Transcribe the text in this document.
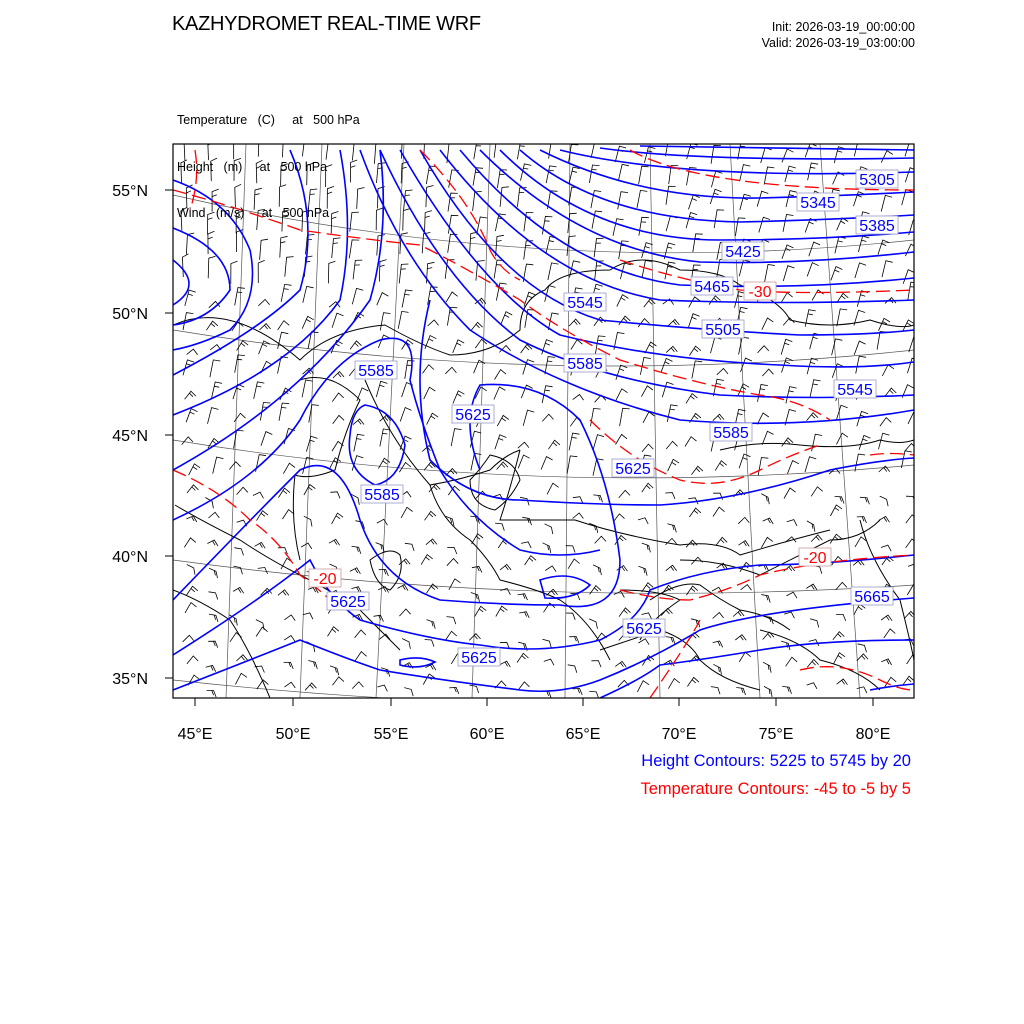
45°E	50°E	55°E	60°E	65°E	70°E	75°E	80°E
55°N
50°N
45°N
40°N
35°N
5305
5345
5385
5425
5465
5545
5505
5585
5585
5545
5625
5585
5585
5625
5625	5665
5625
5625
-30
-20
-20
KAZHYDROMET REAL-TIME WRF	Init: 2026-03-19_00:00:00
Valid: 2026-03-19_03:00:00

Temperature   (C)     at   500 hPa

Height   (m)     at   500 hPa

Wind   (m/s)     at   500 hPa

Height Contours: 5225 to 5745 by 20
Temperature Contours: -45 to -5 by 5
